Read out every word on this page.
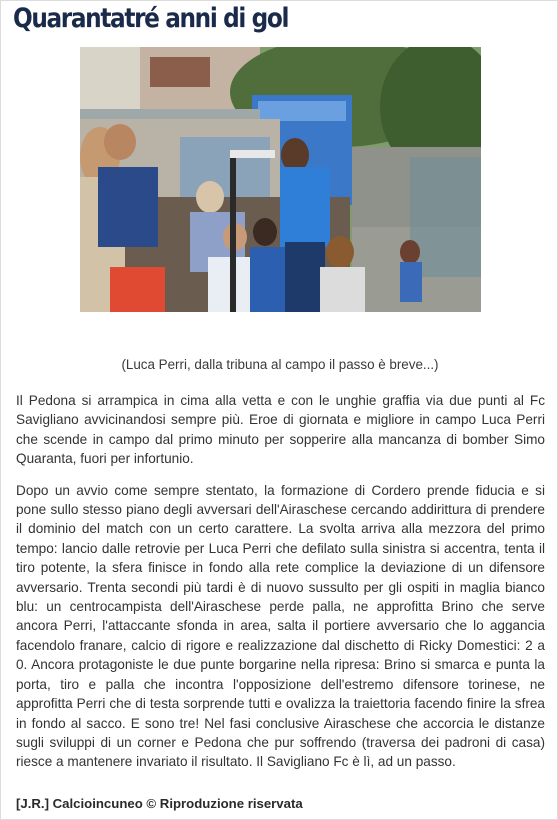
Quarantatré anni di gol
(Luca Perri, dalla tribuna al campo il passo è breve...)

Il Pedona si arrampica in cima alla vetta e con le unghie graffia via due punti al Fc Savigliano avvicinandosi sempre più. Eroe di giornata e migliore in campo Luca Perri che scende in campo dal primo minuto per sopperire alla mancanza di bomber Simo Quaranta, fuori per infortunio.

Dopo un avvio come sempre stentato, la formazione di Cordero prende fiducia e si pone sullo stesso piano degli avversari dell'Airaschese cercando addirittura di prendere il dominio del match con un certo carattere. La svolta arriva alla mezzora del primo tempo: lancio dalle retrovie per Luca Perri che defilato sulla sinistra si accentra, tenta il tiro potente, la sfera finisce in fondo alla rete complice la deviazione di un difensore avversario. Trenta secondi più tardi è di nuovo sussulto per gli ospiti in maglia bianco blu: un centrocampista dell'Airaschese perde palla, ne approfitta Brino che serve ancora Perri, l'attaccante sfonda in area, salta il portiere avversario che lo aggancia facendolo franare, calcio di rigore e realizzazione dal dischetto di Ricky Domestici: 2 a 0. Ancora protagoniste le due punte borgarine nella ripresa: Brino si smarca e punta la porta, tiro e palla che incontra l'opposizione dell'estremo difensore torinese, ne approfitta Perri che di testa sorprende tutti e ovalizza la traiettoria facendo finire la sfrea in fondo al sacco. E sono tre! Nel fasi conclusive Airaschese che accorcia le distanze sugli sviluppi di un corner e Pedona che pur soffrendo (traversa dei padroni di casa) riesce a mantenere invariato il risultato. Il Savigliano Fc è lì, ad un passo.

[J.R.] Calcioincuneo © Riproduzione riservata
